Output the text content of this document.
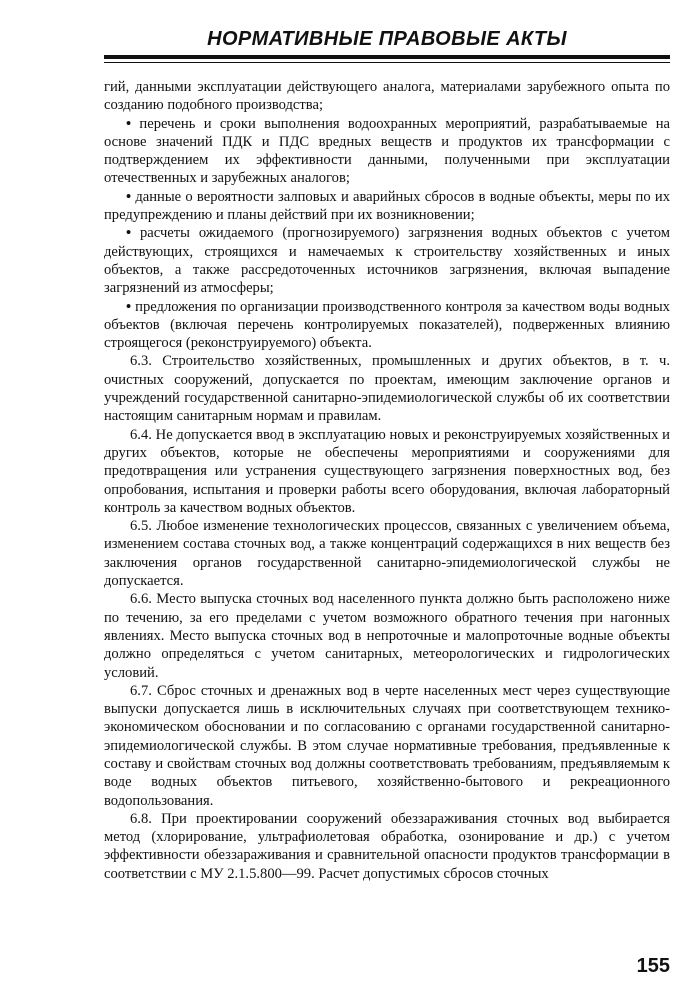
НОРМАТИВНЫЕ ПРАВОВЫЕ АКТЫ

гий, данными эксплуатации действующего аналога, материалами зарубежного опыта по созданию подобного производства;

• перечень и сроки выполнения водоохранных мероприятий, разрабатываемые на основе значений ПДК и ПДС вредных веществ и продуктов их трансформации с подтверждением их эффективности данными, полученными при эксплуатации отечественных и зарубежных аналогов;

• данные о вероятности залповых и аварийных сбросов в водные объекты, меры по их предупреждению и планы действий при их возникновении;

• расчеты ожидаемого (прогнозируемого) загрязнения водных объектов с учетом действующих, строящихся и намечаемых к строительству хозяйственных и иных объектов, а также рассредоточенных источников загрязнения, включая выпадение загрязнений из атмосферы;

• предложения по организации производственного контроля за качеством воды водных объектов (включая перечень контролируемых показателей), подверженных влиянию строящегося (реконструируемого) объекта.

6.3. Строительство хозяйственных, промышленных и других объектов, в т. ч. очистных сооружений, допускается по проектам, имеющим заключение органов и учреждений государственной санитарно-эпидемиологической службы об их соответствии настоящим санитарным нормам и правилам.

6.4. Не допускается ввод в эксплуатацию новых и реконструируемых хозяйственных и других объектов, которые не обеспечены мероприятиями и сооружениями для предотвращения или устранения существующего загрязнения поверхностных вод, без опробования, испытания и проверки работы всего оборудования, включая лабораторный контроль за качеством водных объектов.

6.5. Любое изменение технологических процессов, связанных с увеличением объема, изменением состава сточных вод, а также концентраций содержащихся в них веществ без заключения органов государственной санитарно-эпидемиологической службы не допускается.

6.6. Место выпуска сточных вод населенного пункта должно быть расположено ниже по течению, за его пределами с учетом возможного обратного течения при нагонных явлениях. Место выпуска сточных вод в непроточные и малопроточные водные объекты должно определяться с учетом санитарных, метеорологических и гидрологических условий.

6.7. Сброс сточных и дренажных вод в черте населенных мест через существующие выпуски допускается лишь в исключительных случаях при соответствующем технико-экономическом обосновании и по согласованию с органами государственной санитарно-эпидемиологической службы. В этом случае нормативные требования, предъявленные к составу и свойствам сточных вод должны соответствовать требованиям, предъявляемым к воде водных объектов питьевого, хозяйственно-бытового и рекреационного водопользования.

6.8. При проектировании сооружений обеззараживания сточных вод выбирается метод (хлорирование, ультрафиолетовая обработка, озонирование и др.) с учетом эффективности обеззараживания и сравнительной опасности продуктов трансформации в соответствии с МУ 2.1.5.800—99. Расчет допустимых сбросов сточных

155
